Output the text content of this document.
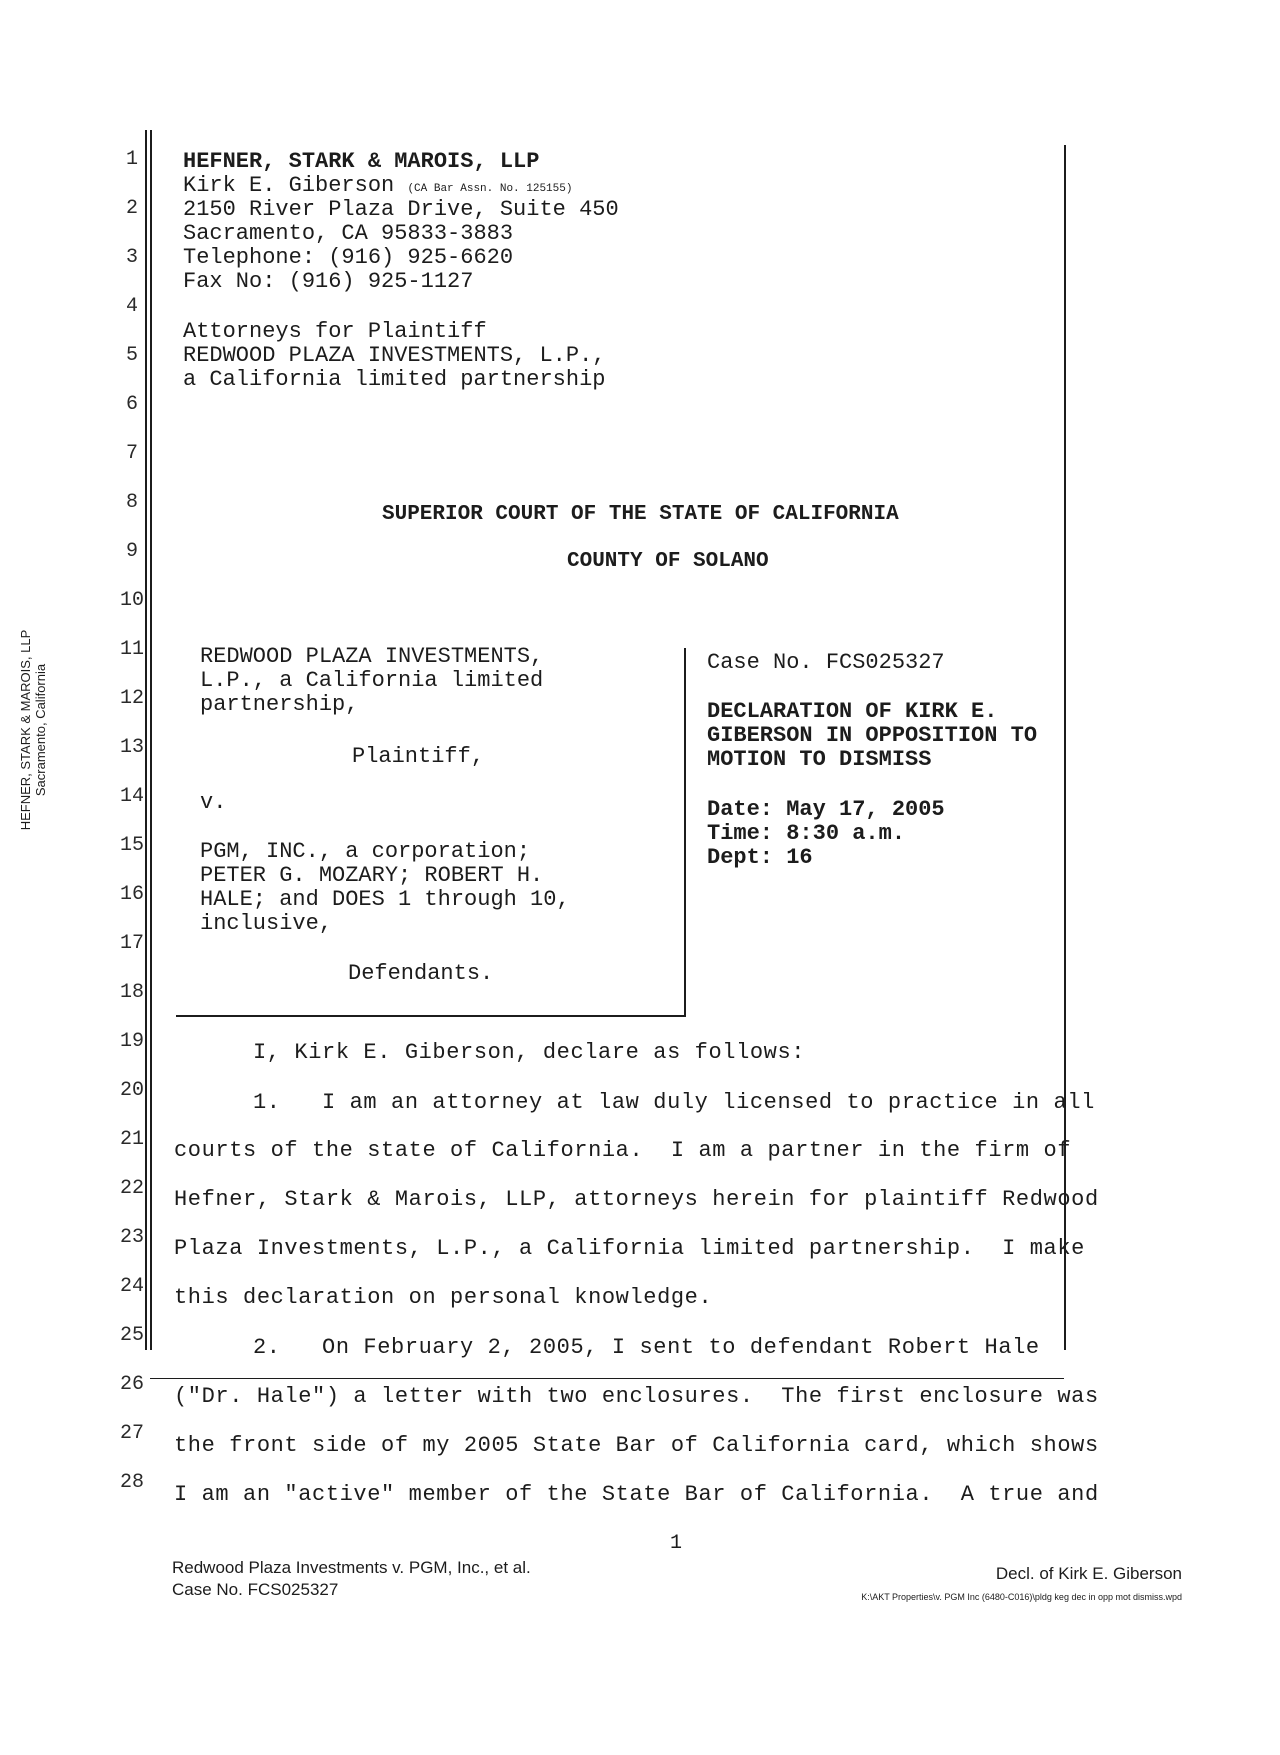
HEFNER, STARK & MAROIS, LLP Sacramento, California
1
2
3
4
5
6
7
8
9
10
11
12
13
14
15
16
17
18
19
20
21
22
23
24
25
26
27
28
HEFNER, STARK & MAROIS, LLP
Kirk E. Giberson (CA Bar Assn. No. 125155)
2150 River Plaza Drive, Suite 450
Sacramento, CA 95833-3883
Telephone: (916) 925-6620
Fax No: (916) 925-1127
Attorneys for Plaintiff
REDWOOD PLAZA INVESTMENTS, L.P.,
a California limited partnership
SUPERIOR COURT OF THE STATE OF CALIFORNIA
COUNTY OF SOLANO
REDWOOD PLAZA INVESTMENTS,
L.P., a California limited
partnership,
Plaintiff,
v.
PGM, INC., a corporation;
PETER G. MOZARY; ROBERT H.
HALE; and DOES 1 through 10,
inclusive,
Defendants.
Case No. FCS025327
DECLARATION OF KIRK E.
GIBERSON IN OPPOSITION TO
MOTION TO DISMISS
Date: May 17, 2005
Time: 8:30 a.m.
Dept: 16
I, Kirk E. Giberson, declare as follows:
1.   I am an attorney at law duly licensed to practice in all
courts of the state of California.  I am a partner in the firm of
Hefner, Stark & Marois, LLP, attorneys herein for plaintiff Redwood
Plaza Investments, L.P., a California limited partnership.  I make
this declaration on personal knowledge.
2.   On February 2, 2005, I sent to defendant Robert Hale
("Dr. Hale") a letter with two enclosures.  The first enclosure was
the front side of my 2005 State Bar of California card, which shows
I am an "active" member of the State Bar of California.  A true and
1
Redwood Plaza Investments v. PGM, Inc., et al.
Case No. FCS025327
Decl. of Kirk E. Giberson
K:\AKT Properties\v. PGM Inc (6480-C016)\pldg keg dec in opp mot dismiss.wpd
